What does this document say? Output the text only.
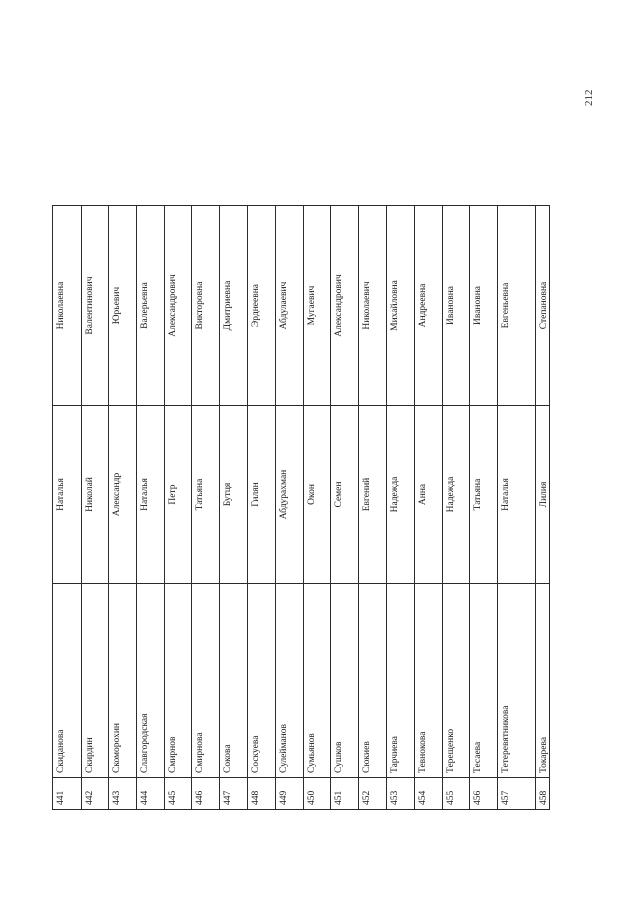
212
441
Скиданова
Наталья
Николаевна
442
Скирдин
Николай
Валентинович
443
Скоморохин
Александр
Юрьевич
444
Славгородская
Наталья
Валерьевна
445
Смирнов
Петр
Александрович
446
Смирнова
Татьяна
Викторовна
447
Сокова
Бутця
Дмитриевна
448
Соскуева
Гилян
Эрднеевна
449
Сулейманов
Абдурахман
Абдулаевич
450
Сумьянов
Окон
Мугаевич
451
Сушков
Семен
Александрович
452
Сюкиев
Евгений
Николаевич
453
Тарчиева
Надежда
Михайловна
454
Тевнокова
Анна
Андреевна
455
Терещенко
Надежда
Ивановна
456
Тесаева
Татьяна
Ивановна
457
Тетеревятникова
Наталья
Евгеньевна
458
Токарева
Лилия
Степановна
